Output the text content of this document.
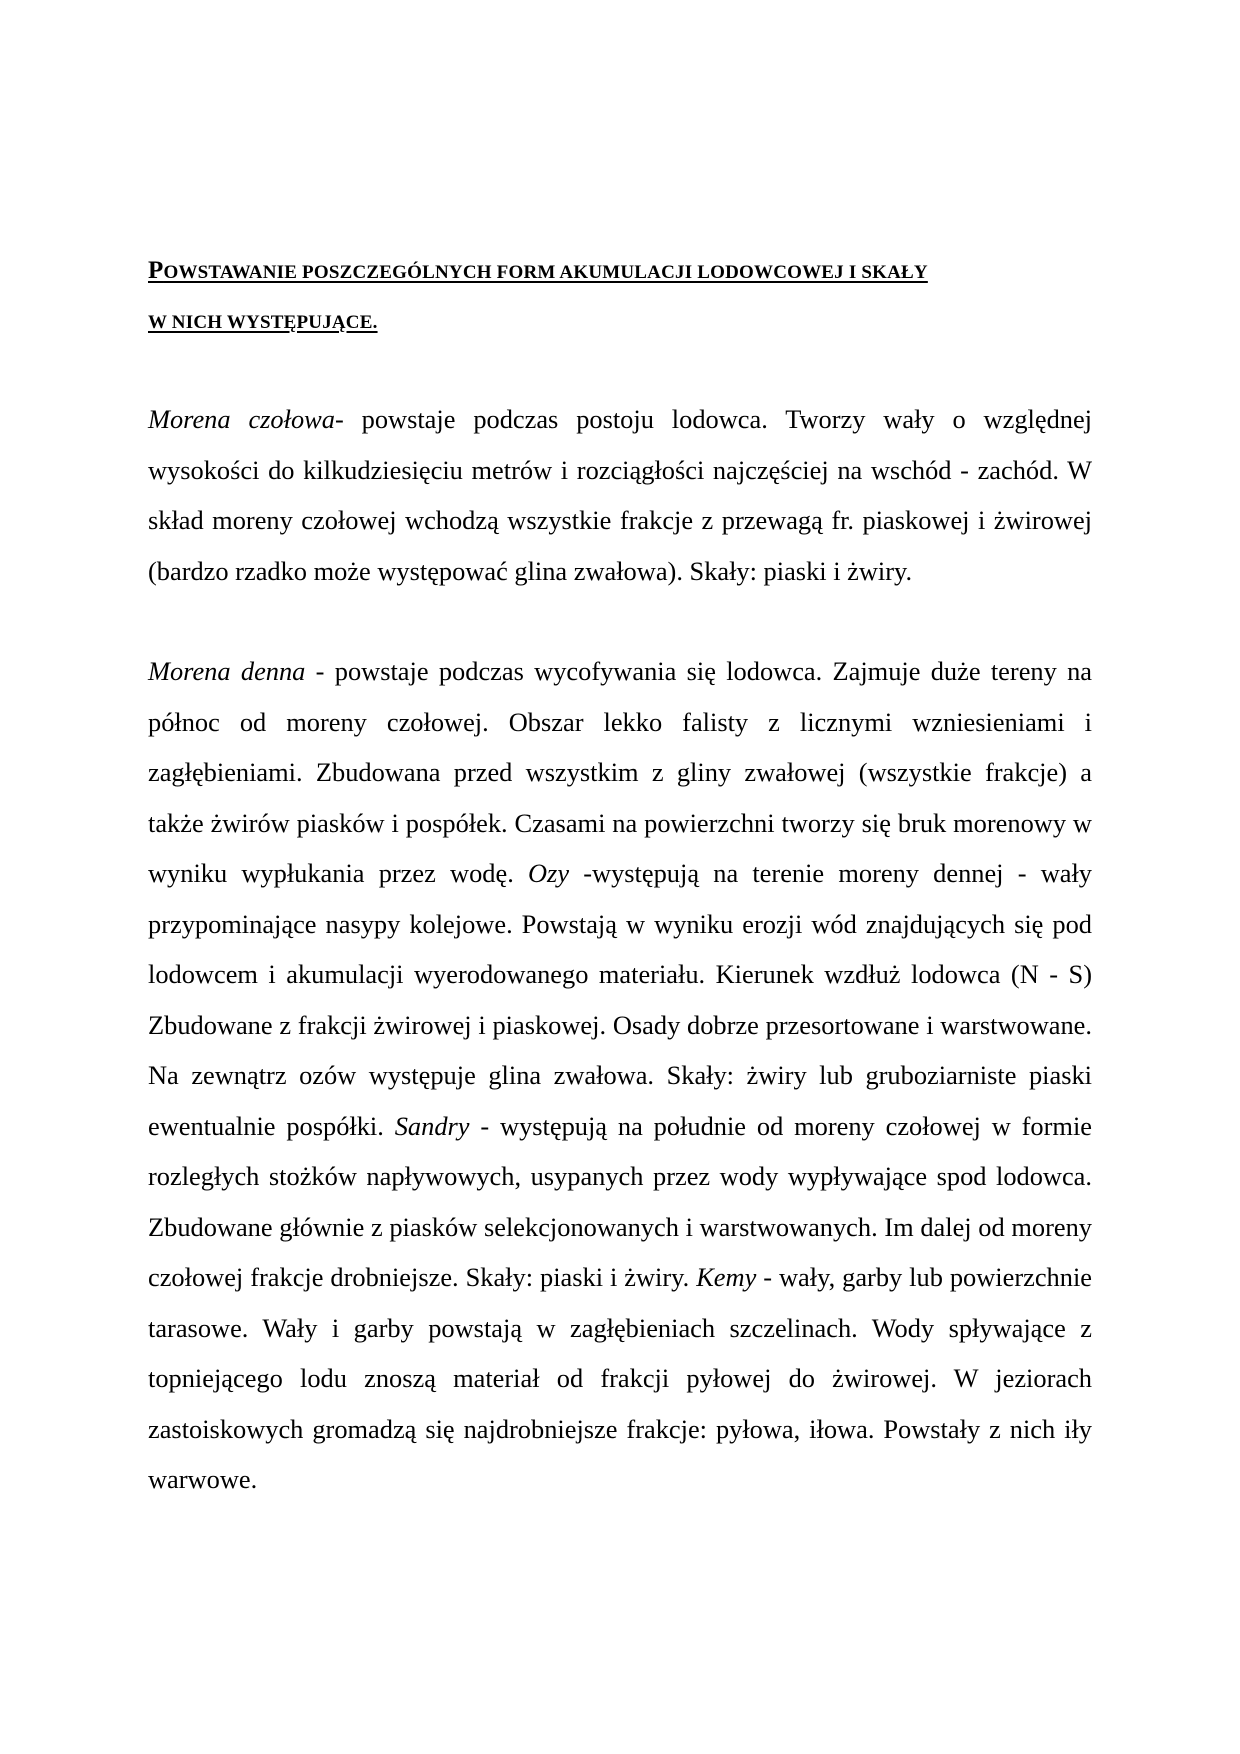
POWSTAWANIE POSZCZEGÓLNYCH FORM AKUMULACJI LODOWCOWEJ I SKAŁY
W NICH WYSTĘPUJĄCE.

Morena czołowa- powstaje podczas postoju lodowca. Tworzy wały o względnej wysokości do kilkudziesięciu metrów i rozciągłości najczęściej na wschód - zachód. W skład moreny czołowej wchodzą wszystkie frakcje z przewagą fr. piaskowej i żwirowej (bardzo rzadko może występować glina zwałowa). Skały: piaski i żwiry.

Morena denna - powstaje podczas wycofywania się lodowca. Zajmuje duże tereny na północ od moreny czołowej. Obszar lekko falisty z licznymi wzniesieniami i zagłębieniami. Zbudowana przed wszystkim z gliny zwałowej (wszystkie frakcje) a także żwirów piasków i pospółek. Czasami na powierzchni tworzy się bruk morenowy w wyniku wypłukania przez wodę. Ozy -występują na terenie moreny dennej - wały przypominające nasypy kolejowe. Powstają w wyniku erozji wód znajdujących się pod lodowcem i akumulacji wyerodowanego materiału. Kierunek wzdłuż lodowca (N - S) Zbudowane z frakcji żwirowej i piaskowej. Osady dobrze przesortowane i warstwowane. Na zewnątrz ozów występuje glina zwałowa. Skały: żwiry lub gruboziarniste piaski ewentualnie pospółki. Sandry - występują na południe od moreny czołowej w formie rozległych stożków napływowych, usypanych przez wody wypływające spod lodowca. Zbudowane głównie z piasków selekcjonowanych i warstwowanych. Im dalej od moreny czołowej frakcje drobniejsze. Skały: piaski i żwiry. Kemy - wały, garby lub powierzchnie tarasowe. Wały i garby powstają w zagłębieniach szczelinach. Wody spływające z topniejącego lodu znoszą materiał od frakcji pyłowej do żwirowej. W jeziorach zastoiskowych gromadzą się najdrobniejsze frakcje: pyłowa, iłowa. Powstały z nich iły warwowe.
